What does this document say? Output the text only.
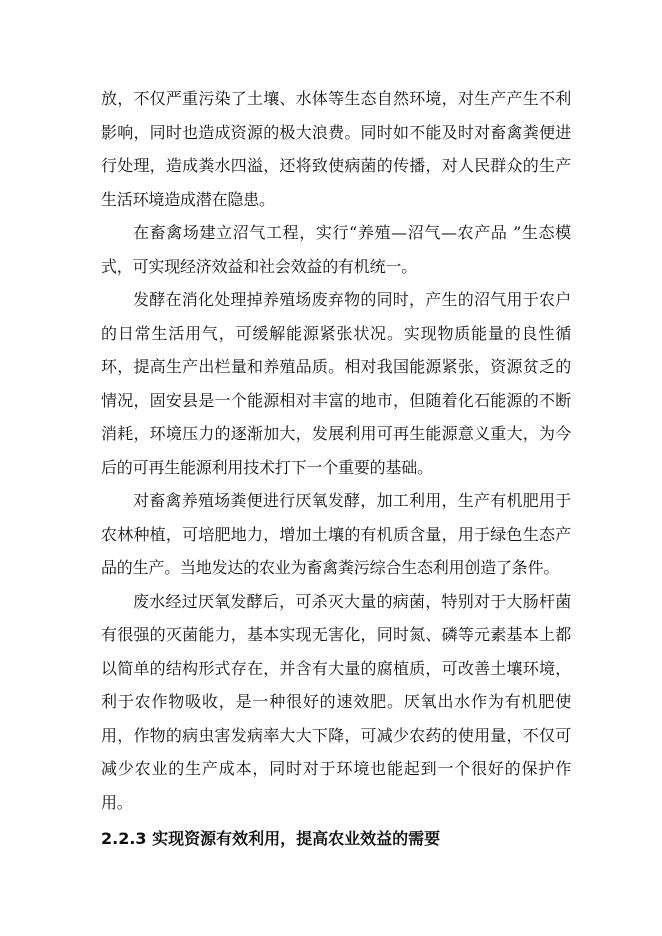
放，不仅严重污染了土壤、水体等生态自然环境，对生产产生不利影响，同时也造成资源的极大浪费。同时如不能及时对畜禽粪便进行处理，造成粪水四溢，还将致使病菌的传播，对人民群众的生产生活环境造成潜在隐患。

在畜禽场建立沼气工程，实行“养殖—沼气—农产品 ”生态模式，可实现经济效益和社会效益的有机统一。

发酵在消化处理掉养殖场废弃物的同时，产生的沼气用于农户的日常生活用气，可缓解能源紧张状况。实现物质能量的良性循环，提高生产出栏量和养殖品质。相对我国能源紧张，资源贫乏的情况，固安县是一个能源相对丰富的地市，但随着化石能源的不断消耗，环境压力的逐渐加大，发展利用可再生能源意义重大，为今后的可再生能源利用技术打下一个重要的基础。

对畜禽养殖场粪便进行厌氧发酵，加工利用，生产有机肥用于农林种植，可培肥地力，增加土壤的有机质含量，用于绿色生态产品的生产。当地发达的农业为畜禽粪污综合生态利用创造了条件。

废水经过厌氧发酵后，可杀灭大量的病菌，特别对于大肠杆菌有很强的灭菌能力，基本实现无害化，同时氮、磷等元素基本上都以简单的结构形式存在，并含有大量的腐植质，可改善土壤环境，利于农作物吸收，是一种很好的速效肥。厌氧出水作为有机肥使用，作物的病虫害发病率大大下降，可减少农药的使用量，不仅可减少农业的生产成本，同时对于环境也能起到一个很好的保护作用。

2.2.3 实现资源有效利用，提高农业效益的需要
